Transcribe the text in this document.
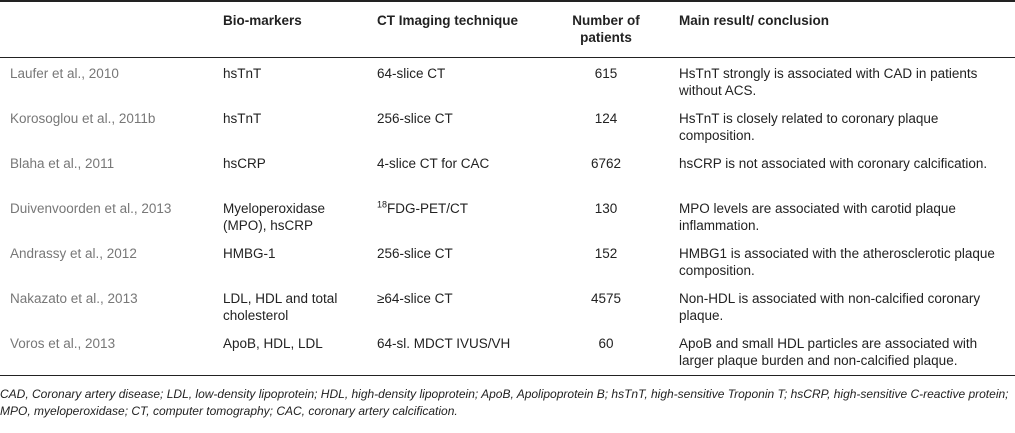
	Bio-markers	CT Imaging technique	Number of patients	Main result/ conclusion
Laufer et al., 2010	hsTnT	64-slice CT	615	HsTnT strongly is associated with CAD in patients without ACS.
Korosoglou et al., 2011b	hsTnT	256-slice CT	124	HsTnT is closely related to coronary plaque composition.
Blaha et al., 2011	hsCRP	4-slice CT for CAC	6762	hsCRP is not associated with coronary calcification.
Duivenvoorden et al., 2013	Myeloperoxidase (MPO), hsCRP	$^{18}$FDG-PET/CT	130	MPO levels are associated with carotid plaque inflammation.
Andrassy et al., 2012	HMBG-1	256-slice CT	152	HMBG1 is associated with the atherosclerotic plaque composition.
Nakazato et al., 2013	LDL, HDL and total cholesterol	≥64-slice CT	4575	Non-HDL is associated with non-calcified coronary plaque.
Voros et al., 2013	ApoB, HDL, LDL	64-sl. MDCT IVUS/VH	60	ApoB and small HDL particles are associated with larger plaque burden and non-calcified plaque.
CAD, Coronary artery disease; LDL, low-density lipoprotein; HDL, high-density lipoprotein; ApoB, Apolipoprotein B; hsTnT, high-sensitive Troponin T; hsCRP, high-sensitive C-reactive protein; MPO, myeloperoxidase; CT, computer tomography; CAC, coronary artery calcification.
